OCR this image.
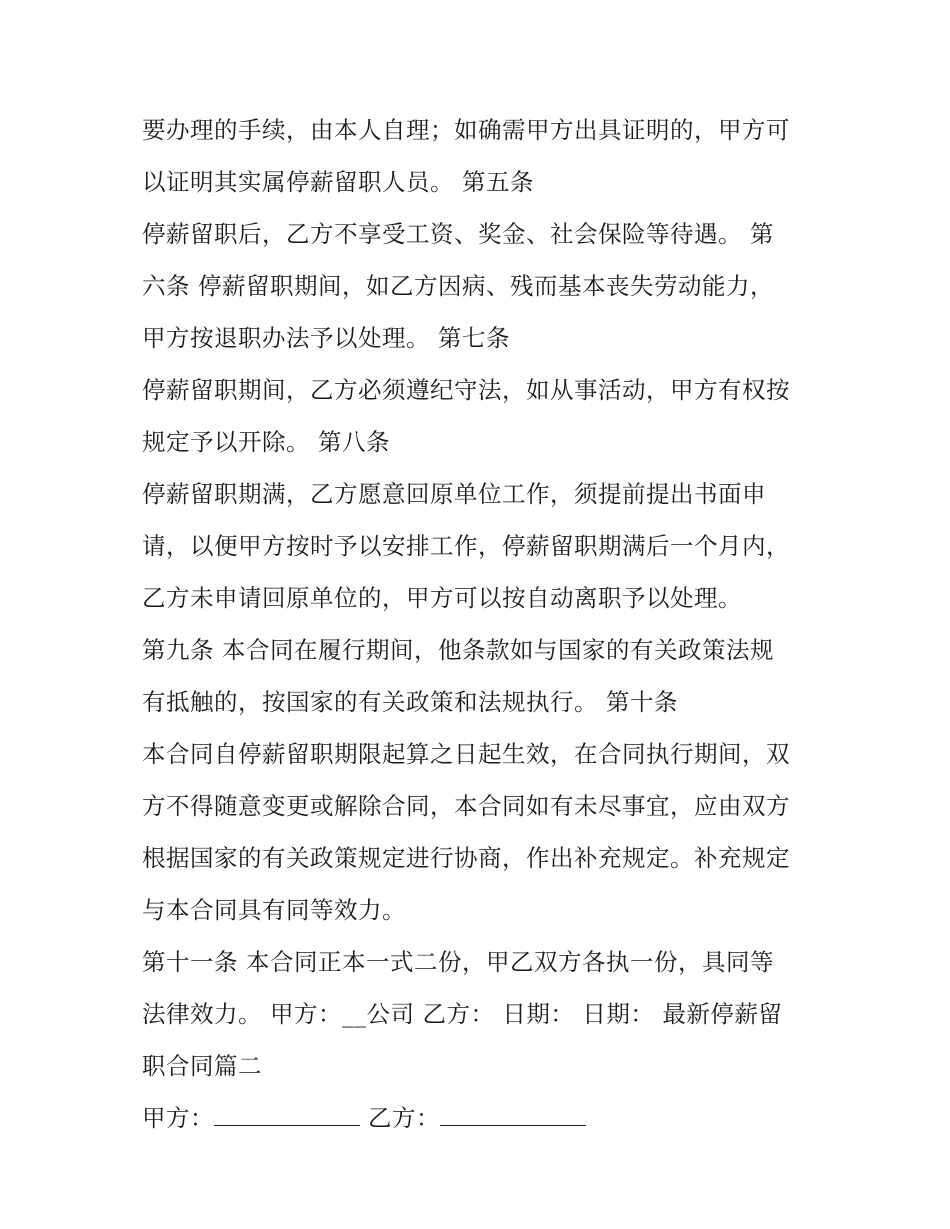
要办理的手续，由本人自理；如确需甲方出具证明的，甲方可
以证明其实属停薪留职人员。 第五条
停薪留职后，乙方不享受工资、奖金、社会保险等待遇。 第
六条 停薪留职期间，如乙方因病、残而基本丧失劳动能力，
甲方按退职办法予以处理。 第七条
停薪留职期间，乙方必须遵纪守法，如从事活动，甲方有权按
规定予以开除。 第八条
停薪留职期满，乙方愿意回原单位工作，须提前提出书面申
请，以便甲方按时予以安排工作，停薪留职期满后一个月内，
乙方未申请回原单位的，甲方可以按自动离职予以处理。
第九条 本合同在履行期间，他条款如与国家的有关政策法规
有抵触的，按国家的有关政策和法规执行。 第十条
本合同自停薪留职期限起算之日起生效，在合同执行期间，双
方不得随意变更或解除合同，本合同如有未尽事宜，应由双方
根据国家的有关政策规定进行协商，作出补充规定。补充规定
与本合同具有同等效力。
第十一条 本合同正本一式二份，甲乙双方各执一份，具同等
法律效力。 甲方：__公司 乙方： 日期： 日期： 最新停薪留
职合同篇二
甲方：	乙方：
